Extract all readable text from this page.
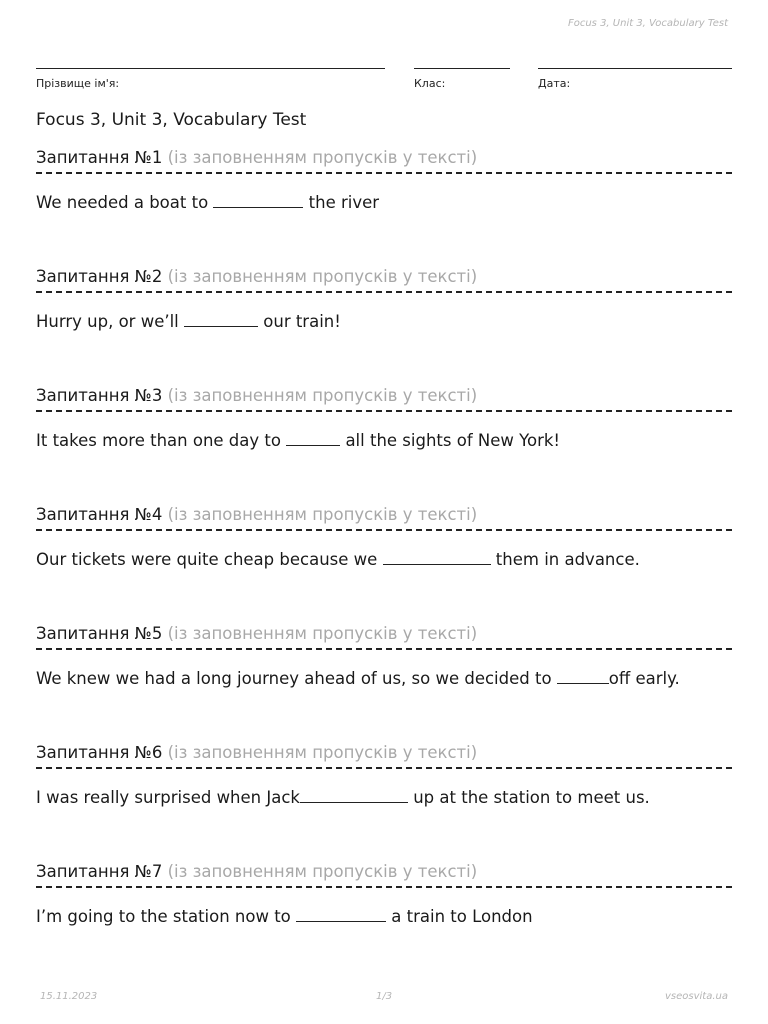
Focus 3, Unit 3, Vocabulary Test
Прізвище ім'я:	Клас:	Дата:
Focus 3, Unit 3, Vocabulary Test
Запитання №1 (із заповненням пропусків у тексті)
We needed a boat to	the river
Запитання №2 (із заповненням пропусків у тексті)
Hurry up, or we’ll	our train!
Запитання №3 (із заповненням пропусків у тексті)
It takes more than one day to	all the sights of New York!
Запитання №4 (із заповненням пропусків у тексті)
Our tickets were quite cheap because we	them in advance.
Запитання №5 (із заповненням пропусків у тексті)
We knew we had a long journey ahead of us, so we decided to	off early.
Запитання №6 (із заповненням пропусків у тексті)
I was really surprised when Jack	up at the station to meet us.
Запитання №7 (із заповненням пропусків у тексті)
I’m going to the station now to	a train to London
15.11.2023	1/3	vseosvita.ua
